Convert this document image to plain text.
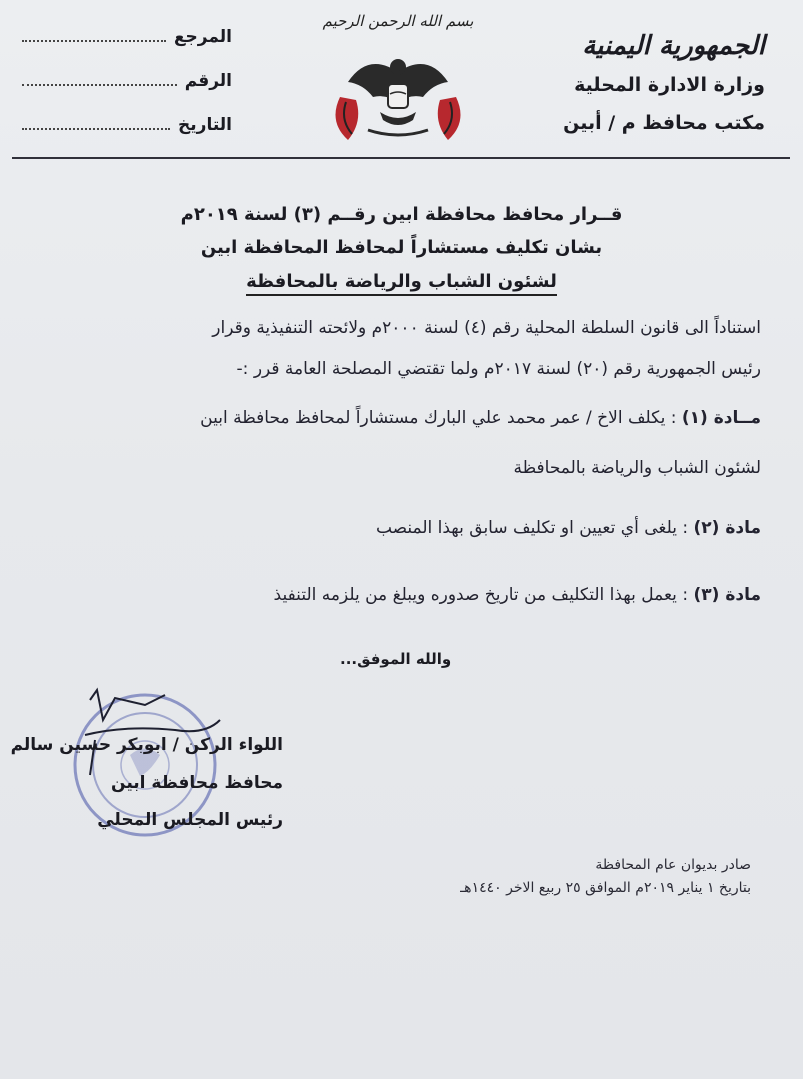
الجمهورية اليمنية
وزارة الادارة المحلية
مكتب محافظ م / أبين
بسم الله الرحمن الرحيم
المرجع
الرقم
التاريخ
قــرار محافظ محافظة ابين رقــم (٣) لسنة ٢٠١٩م
بشان تكليف مستشاراً لمحافظ المحافظة ابين
لشئون الشباب والرياضة بالمحافظة
استناداً الى قانون السلطة المحلية رقم (٤) لسنة ٢٠٠٠م ولائحته التنفيذية وقرار
رئيس الجمهورية رقم (٢٠) لسنة ٢٠١٧م ولما تقتضي المصلحة العامة قرر :-
مــادة (١) : يكلف الاخ / عمر محمد علي البارك مستشاراً لمحافظ محافظة ابين
لشئون الشباب والرياضة بالمحافظة
مادة (٢) : يلغى أي تعيين او تكليف سابق بهذا المنصب
مادة (٣) : يعمل بهذا التكليف من تاريخ صدوره ويبلغ من يلزمه التنفيذ
والله الموفق...
اللواء الركن / ابوبكر حسين سالم
محافظ محافظة ابين
رئيس المجلس المحلي
صادر بديوان عام المحافظة
بتاريخ ١ يناير ٢٠١٩م الموافق ٢٥ ربيع الاخر ١٤٤٠هـ
